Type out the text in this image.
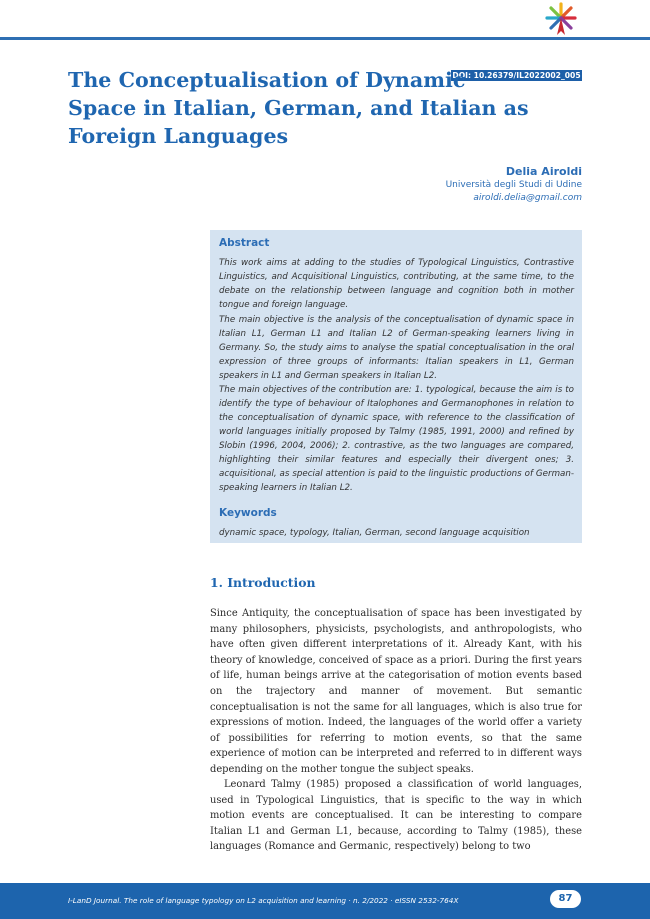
DOI: 10.26379/IL2022002_005
The Conceptualisation of Dynamic Space in Italian, German, and Italian as Foreign Languages
Delia Airoldi
Università degli Studi di Udine
airoldi.delia@gmail.com
Abstract

This work aims at adding to the studies of Typological Linguistics, Contrastive Linguistics, and Acquisitional Linguistics, contributing, at the same time, to the debate on the relationship between language and cognition both in mother tongue and foreign language.

The main objective is the analysis of the conceptualisation of dynamic space in Italian L1, German L1 and Italian L2 of German-speaking learners living in Germany. So, the study aims to analyse the spatial conceptualisation in the oral expression of three groups of informants: Italian speakers in L1, German speakers in L1 and German speakers in Italian L2.

The main objectives of the contribution are: 1. typological, because the aim is to identify the type of behaviour of Italophones and Germanophones in relation to the conceptualisation of dynamic space, with reference to the classification of world languages initially proposed by Talmy (1985, 1991, 2000) and refined by Slobin (1996, 2004, 2006); 2. contrastive, as the two languages are compared, highlighting their similar features and especially their divergent ones; 3. acquisitional, as special attention is paid to the linguistic productions of German-speaking learners in Italian L2.

Keywords

dynamic space, typology, Italian, German, second language acquisition

1. Introduction

Since Antiquity, the conceptualisation of space has been investigated by many philosophers, physicists, psychologists, and anthropologists, who have often given different interpretations of it. Already Kant, with his theory of knowledge, conceived of space as a priori. During the first years of life, human beings arrive at the categorisation of motion events based on the trajectory and manner of movement. But semantic conceptualisation is not the same for all languages, which is also true for expressions of motion. Indeed, the languages of the world offer a variety of possibilities for referring to motion events, so that the same experience of motion can be interpreted and referred to in different ways depending on the mother tongue the subject speaks.

Leonard Talmy (1985) proposed a classification of world languages, used in Typological Linguistics, that is specific to the way in which motion events are conceptualised. It can be interesting to compare Italian L1 and German L1, because, according to Talmy (1985), these languages (Romance and Germanic, respectively) belong to two

I-LanD Journal. The role of language typology on L2 acquisition and learning · n. 2/2022 · eISSN 2532-764X	87
